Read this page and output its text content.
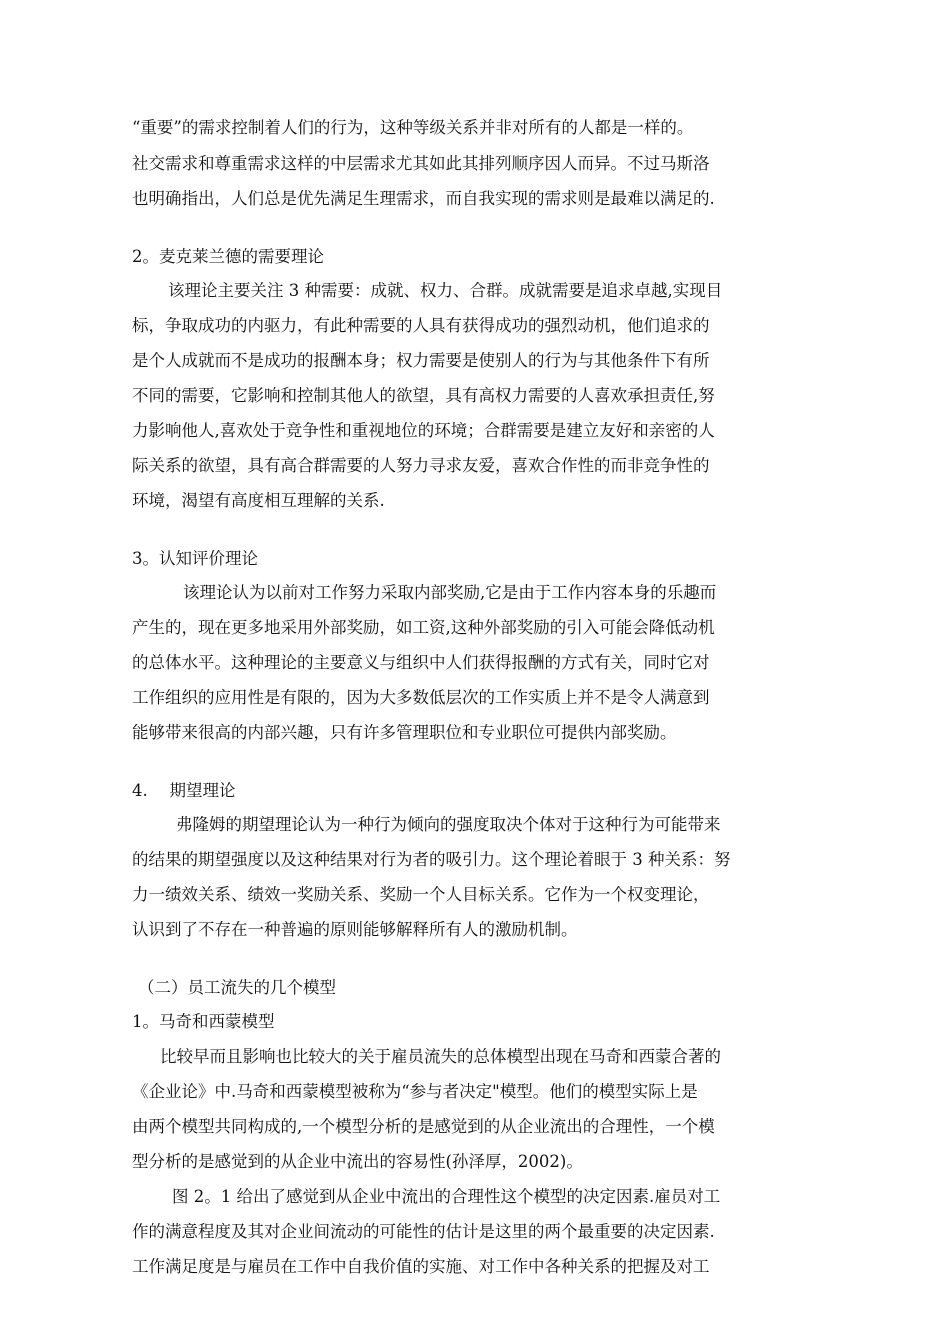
“重要”的需求控制着人们的行为，这种等级关系并非对所有的人都是一样的。
社交需求和尊重需求这样的中层需求尤其如此其排列顺序因人而异。不过马斯洛
也明确指出，人们总是优先满足生理需求，而自我实现的需求则是最难以满足的.
2。麦克莱兰德的需要理论
该理论主要关注 3 种需要：成就、权力、合群。成就需要是追求卓越,实现目
标，争取成功的内驱力，有此种需要的人具有获得成功的强烈动机，他们追求的
是个人成就而不是成功的报酬本身；权力需要是使别人的行为与其他条件下有所
不同的需要，它影响和控制其他人的欲望，具有高权力需要的人喜欢承担责任,努
力影响他人,喜欢处于竞争性和重视地位的环境；合群需要是建立友好和亲密的人
际关系的欲望，具有高合群需要的人努力寻求友爱，喜欢合作性的而非竞争性的
环境，渴望有高度相互理解的关系.
3。认知评价理论
该理论认为以前对工作努力采取内部奖励,它是由于工作内容本身的乐趣而
产生的，现在更多地采用外部奖励，如工资,这种外部奖励的引入可能会降低动机
的总体水平。这种理论的主要意义与组织中人们获得报酬的方式有关，同时它对
工作组织的应用性是有限的，因为大多数低层次的工作实质上并不是令人满意到
能够带来很高的内部兴趣，只有许多管理职位和专业职位可提供内部奖励。
4.　 期望理论
弗隆姆的期望理论认为一种行为倾向的强度取决个体对于这种行为可能带来
的结果的期望强度以及这种结果对行为者的吸引力。这个理论着眼于 3 种关系：努
力一绩效关系、绩效一奖励关系、奖励一个人目标关系。它作为一个权变理论，
认识到了不存在一种普遍的原则能够解释所有人的激励机制。
（二）员工流失的几个模型
1。马奇和西蒙模型
比较早而且影响也比较大的关于雇员流失的总体模型出现在马奇和西蒙合著的
《企业论》中.马奇和西蒙模型被称为“参与者决定"模型。他们的模型实际上是
由两个模型共同构成的,一个模型分析的是感觉到的从企业流出的合理性，一个模
型分析的是感觉到的从企业中流出的容易性(孙泽厚，2002)。
图 2。1 给出了感觉到从企业中流出的合理性这个模型的决定因素.雇员对工
作的满意程度及其对企业间流动的可能性的估计是这里的两个最重要的决定因素.
工作满足度是与雇员在工作中自我价值的实施、对工作中各种关系的把握及对工
